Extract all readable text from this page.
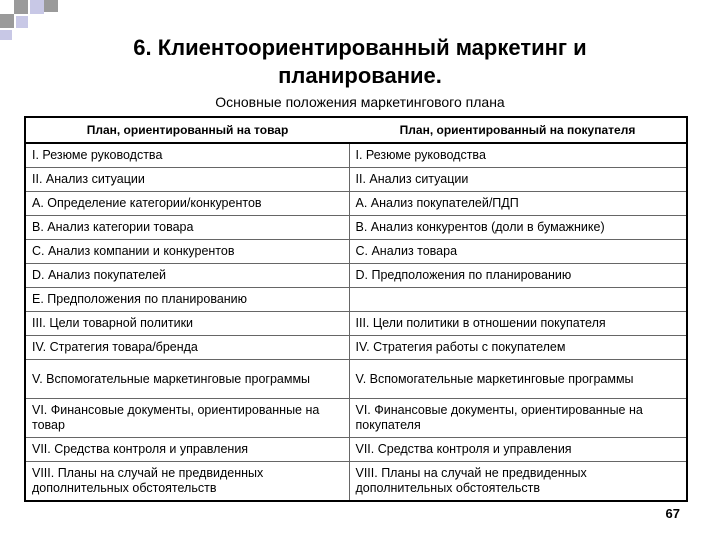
6. Клиентоориентированный маркетинг и
планирование.
Основные положения маркетингового плана
План, ориентированный на товар	План, ориентированный на покупателя
I. Резюме руководства	I. Резюме руководства
II. Анализ ситуации	II. Анализ ситуации
A. Определение категории/конкурентов	A. Анализ покупателей/ПДП
B. Анализ категории товара	B. Анализ конкурентов (доли в бумажнике)
C. Анализ компании и конкурентов	C. Анализ товара
D. Анализ покупателей	D. Предположения по планированию
E. Предположения по планированию	
III. Цели товарной политики	III. Цели политики в отношении покупателя
IV. Стратегия товара/бренда	IV. Стратегия работы с покупателем
V. Вспомогательные маркетинговые программы	V. Вспомогательные маркетинговые программы
VI. Финансовые документы, ориентированные на товар	VI. Финансовые документы, ориентированные на покупателя
VII. Средства контроля и управления	VII. Средства контроля и управления
VIII. Планы на случай не предвиденных дополнительных обстоятельств	VIII. Планы на случай не предвиденных дополнительных обстоятельств
67
